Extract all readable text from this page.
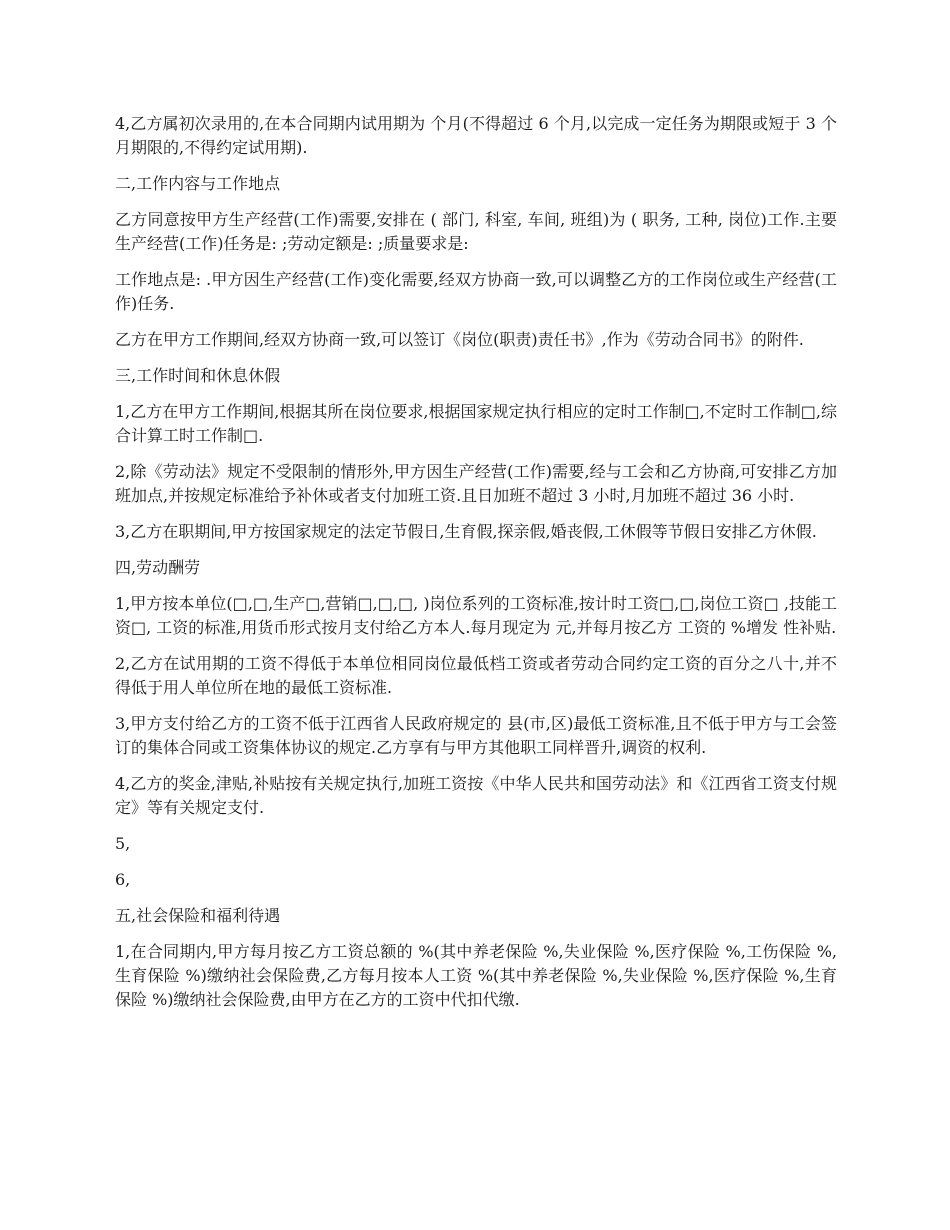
4,乙方属初次录用的,在本合同期内试用期为 个月(不得超过 6 个月,以完成一定任务为期限或短于 3 个月期限的,不得约定试用期).

二,工作内容与工作地点

乙方同意按甲方生产经营(工作)需要,安排在 ( 部门, 科室, 车间, 班组)为 ( 职务, 工种, 岗位)工作.主要生产经营(工作)任务是: ;劳动定额是: ;质量要求是:

工作地点是: .甲方因生产经营(工作)变化需要,经双方协商一致,可以调整乙方的工作岗位或生产经营(工作)任务.

乙方在甲方工作期间,经双方协商一致,可以签订《岗位(职责)责任书》,作为《劳动合同书》的附件.

三,工作时间和休息休假

1,乙方在甲方工作期间,根据其所在岗位要求,根据国家规定执行相应的定时工作制□,不定时工作制□,综合计算工时工作制□.

2,除《劳动法》规定不受限制的情形外,甲方因生产经营(工作)需要,经与工会和乙方协商,可安排乙方加班加点,并按规定标准给予补休或者支付加班工资.且日加班不超过 3 小时,月加班不超过 36 小时.

3,乙方在职期间,甲方按国家规定的法定节假日,生育假,探亲假,婚丧假,工休假等节假日安排乙方休假.

四,劳动酬劳

1,甲方按本单位(□,□,生产□,营销□,□,□, )岗位系列的工资标准,按计时工资□,□,岗位工资□ ,技能工资□, 工资的标准,用货币形式按月支付给乙方本人.每月现定为 元,并每月按乙方 工资的 %增发 性补贴.

2,乙方在试用期的工资不得低于本单位相同岗位最低档工资或者劳动合同约定工资的百分之八十,并不得低于用人单位所在地的最低工资标准.

3,甲方支付给乙方的工资不低于江西省人民政府规定的 县(市,区)最低工资标准,且不低于甲方与工会签订的集体合同或工资集体协议的规定.乙方享有与甲方其他职工同样晋升,调资的权利.

4,乙方的奖金,津贴,补贴按有关规定执行,加班工资按《中华人民共和国劳动法》和《江西省工资支付规定》等有关规定支付.

5,

6,

五,社会保险和福利待遇

1,在合同期内,甲方每月按乙方工资总额的 %(其中养老保险 %,失业保险 %,医疗保险 %,工伤保险 %,生育保险 %)缴纳社会保险费,乙方每月按本人工资 %(其中养老保险 %,失业保险 %,医疗保险 %,生育保险 %)缴纳社会保险费,由甲方在乙方的工资中代扣代缴.
